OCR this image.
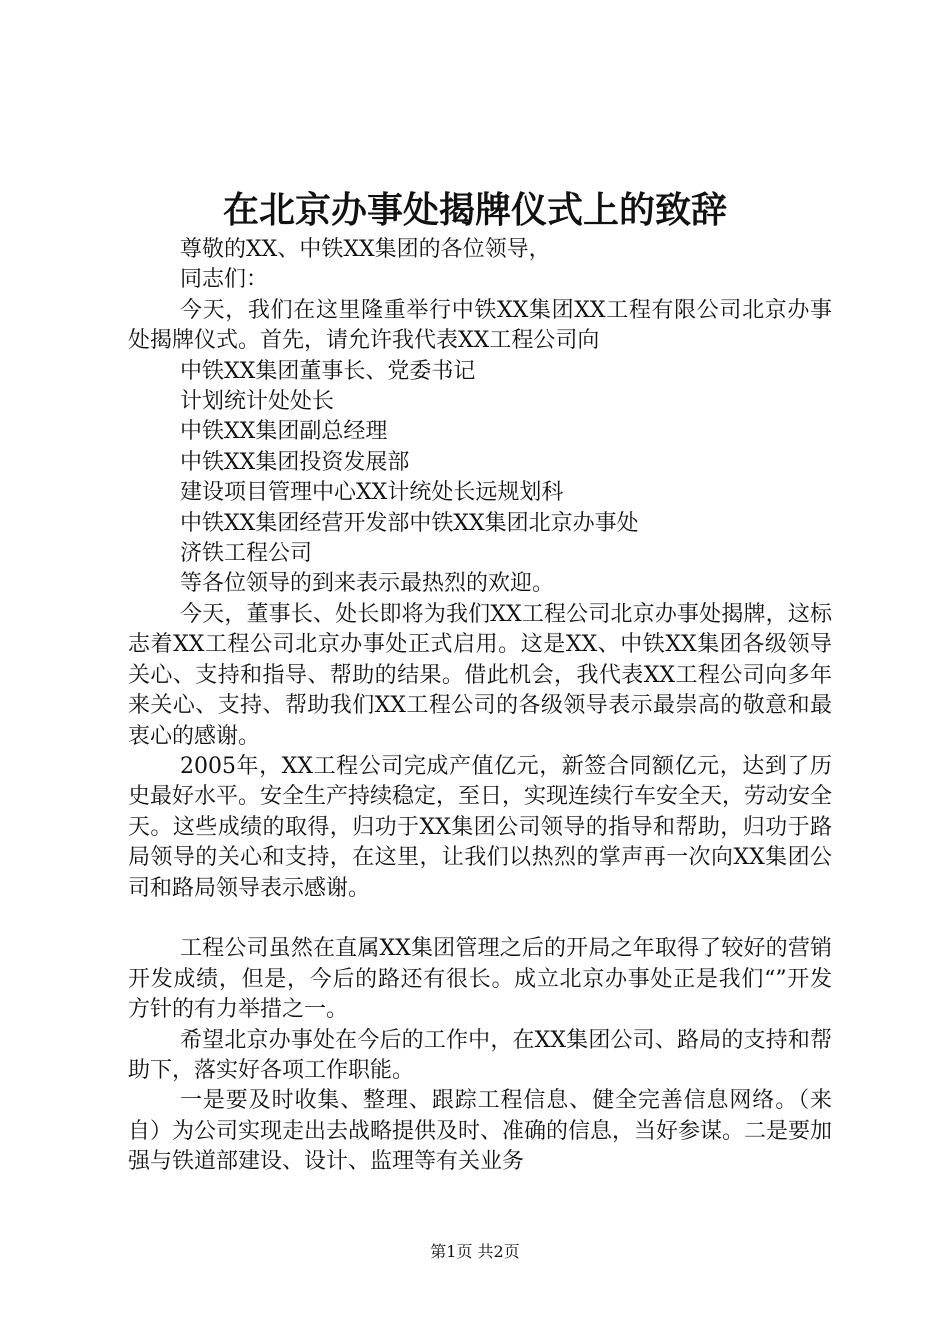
在北京办事处揭牌仪式上的致辞

尊敬的XX、中铁XX集团的各位领导，

同志们：

今天，我们在这里隆重举行中铁XX集团XX工程有限公司北京办事处揭牌仪式。首先，请允许我代表XX工程公司向

中铁XX集团董事长、党委书记

计划统计处处长

中铁XX集团副总经理

中铁XX集团投资发展部

建设项目管理中心XX计统处长远规划科

中铁XX集团经营开发部中铁XX集团北京办事处

济铁工程公司

等各位领导的到来表示最热烈的欢迎。

今天，董事长、处长即将为我们XX工程公司北京办事处揭牌，这标志着XX工程公司北京办事处正式启用。这是XX、中铁XX集团各级领导关心、支持和指导、帮助的结果。借此机会，我代表XX工程公司向多年来关心、支持、帮助我们XX工程公司的各级领导表示最崇高的敬意和最衷心的感谢。

2005年，XX工程公司完成产值亿元，新签合同额亿元，达到了历史最好水平。安全生产持续稳定，至日，实现连续行车安全天，劳动安全天。这些成绩的取得，归功于XX集团公司领导的指导和帮助，归功于路局领导的关心和支持，在这里，让我们以热烈的掌声再一次向XX集团公司和路局领导表示感谢。

工程公司虽然在直属XX集团管理之后的开局之年取得了较好的营销开发成绩，但是，今后的路还有很长。成立北京办事处正是我们“”开发方针的有力举措之一。

希望北京办事处在今后的工作中，在XX集团公司、路局的支持和帮助下，落实好各项工作职能。

一是要及时收集、整理、跟踪工程信息、健全完善信息网络。（来自）为公司实现走出去战略提供及时、准确的信息，当好参谋。二是要加强与铁道部建设、设计、监理等有关业务

第1页 共2页
